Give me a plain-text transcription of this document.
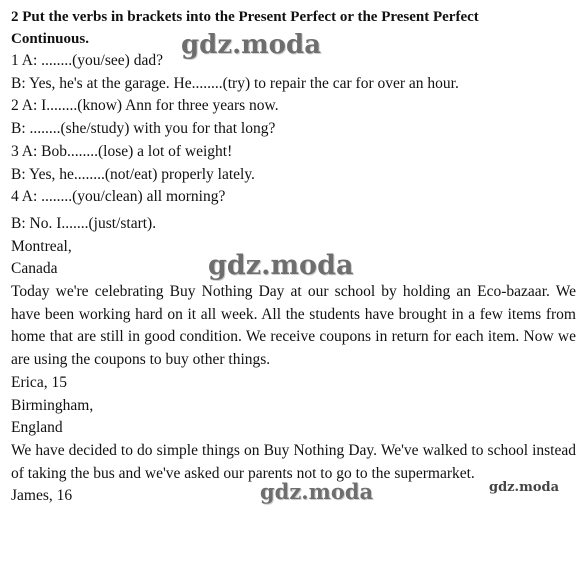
2 Put the verbs in brackets into the Present Perfect or the Present Perfect

Continuous.

1 A: ........(you/see) dad?

B: Yes, he's at the garage. He........(try) to repair the car for over an hour.

2 A: I........(know) Ann for three years now.

B: ........(she/study) with you for that long?

3 A: Bob........(lose) a lot of weight!

B: Yes, he........(not/eat) properly lately.

4 A: ........(you/clean) all morning?

B: No. I.......(just/start).

Montreal,

Canada

Today we're celebrating Buy Nothing Day at our school by holding an Eco-bazaar. We have been working hard on it all week. All the students have brought in a few items from home that are still in good condition. We receive coupons in return for each item. Now we are using the coupons to buy other things.

Erica, 15

Birmingham,

England

We have decided to do simple things on Buy Nothing Day. We've walked to school instead of taking the bus and we've asked our parents not to go to the supermarket.

James, 16

gdz.moda
gdz.moda
gdz.moda	gdz.moda
